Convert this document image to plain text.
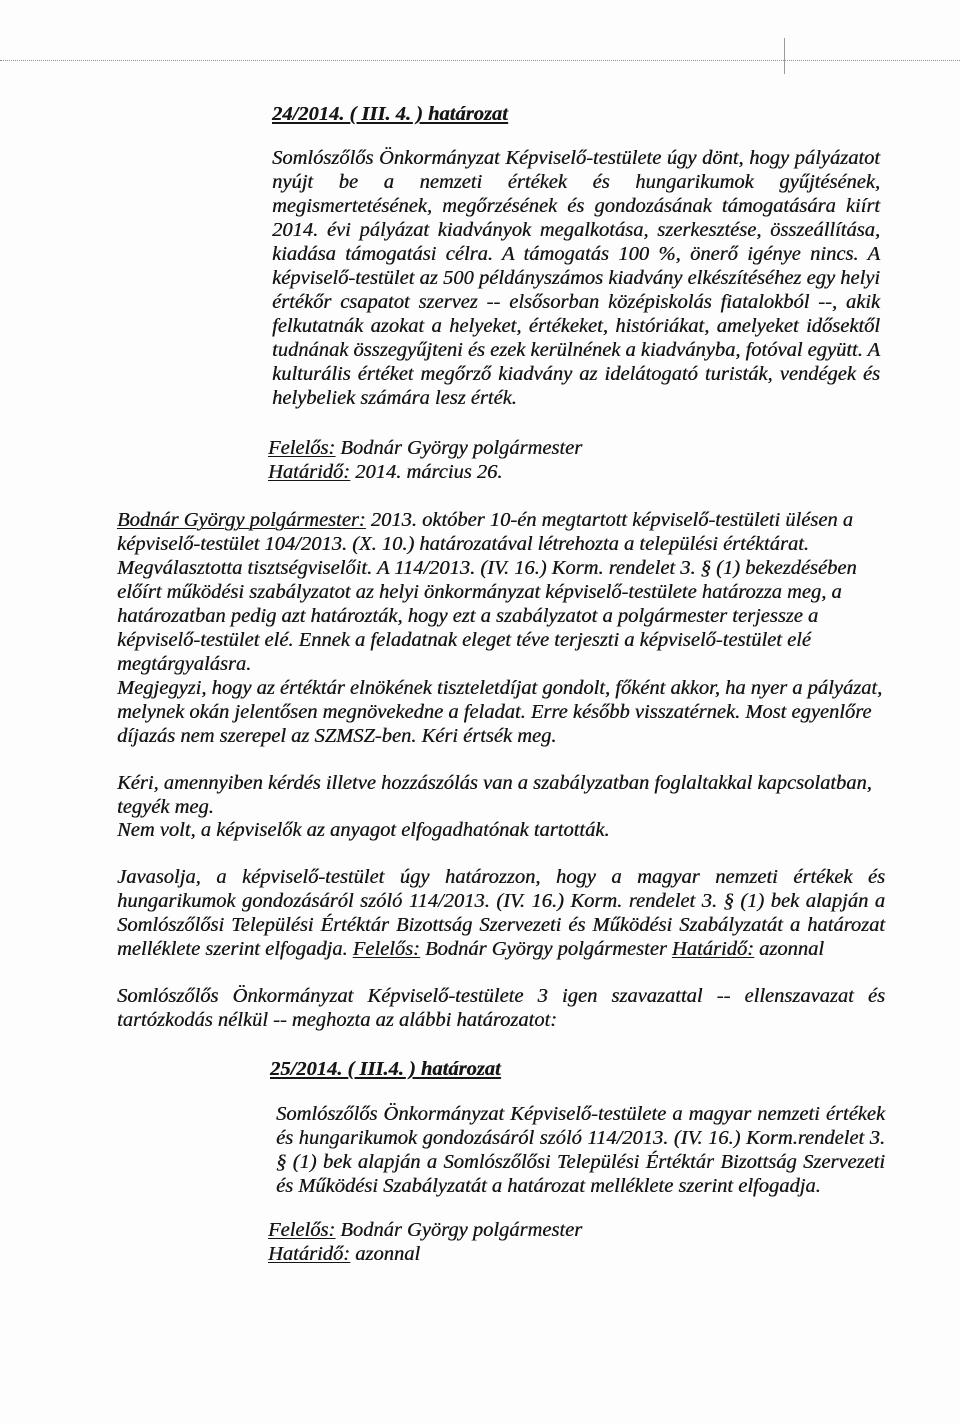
24/2014. ( III. 4. ) határozat
Somlószőlős Önkormányzat Képviselő-testülete úgy dönt, hogy pályázatot
nyújt be a nemzeti értékek és hungarikumok gyűjtésének,
megismertetésének, megőrzésének és gondozásának támogatására kiírt
2014. évi pályázat kiadványok megalkotása, szerkesztése, összeállítása,
kiadása támogatási célra. A támogatás 100 %, önerő igénye nincs. A
képviselő-testület az 500 példányszámos kiadvány elkészítéséhez egy helyi
értékőr csapatot szervez -- elsősorban középiskolás fiatalokból --, akik
felkutatnák azokat a helyeket, értékeket, históriákat, amelyeket idősektől
tudnának összegyűjteni és ezek kerülnének a kiadványba, fotóval együtt. A
kulturális értéket megőrző kiadvány az idelátogató turisták, vendégek és
helybeliek számára lesz érték.
Felelős: Bodnár György polgármester
Határidő: 2014. március 26.
Bodnár György polgármester: 2013. október 10-én megtartott képviselő-testületi ülésen a
képviselő-testület 104/2013. (X. 10.) határozatával létrehozta a települési értéktárat.
Megválasztotta tisztségviselőit. A 114/2013. (IV. 16.) Korm. rendelet 3. § (1) bekezdésében
előírt működési szabályzatot az helyi önkormányzat képviselő-testülete határozza meg, a
határozatban pedig azt határozták, hogy ezt a szabályzatot a polgármester terjessze a
képviselő-testület elé. Ennek a feladatnak eleget téve terjeszti a képviselő-testület elé
megtárgyalásra.
Megjegyzi, hogy az értéktár elnökének tiszteletdíjat gondolt, főként akkor, ha nyer a pályázat,
melynek okán jelentősen megnövekedne a feladat. Erre később visszatérnek. Most egyenlőre
díjazás nem szerepel az SZMSZ-ben. Kéri értsék meg.
Kéri, amennyiben kérdés illetve hozzászólás van a szabályzatban foglaltakkal kapcsolatban,
tegyék meg.
Nem volt, a képviselők az anyagot elfogadhatónak tartották.
Javasolja, a képviselő-testület úgy határozzon, hogy a magyar nemzeti értékek és
hungarikumok gondozásáról szóló 114/2013. (IV. 16.) Korm. rendelet 3. § (1) bek alapján a
Somlószőlősi Települési Értéktár Bizottság Szervezeti és Működési Szabályzatát a határozat
melléklete szerint elfogadja. Felelős: Bodnár György polgármester Határidő: azonnal
Somlószőlős Önkormányzat Képviselő-testülete 3 igen szavazattal -- ellenszavazat és
tartózkodás nélkül -- meghozta az alábbi határozatot:
25/2014. ( III.4. ) határozat
Somlószőlős Önkormányzat Képviselő-testülete a magyar nemzeti értékek
és hungarikumok gondozásáról szóló 114/2013. (IV. 16.) Korm.rendelet 3.
§ (1) bek alapján a Somlószőlősi Települési Értéktár Bizottság Szervezeti
és Működési Szabályzatát a határozat melléklete szerint elfogadja.
Felelős: Bodnár György polgármester
Határidő: azonnal
